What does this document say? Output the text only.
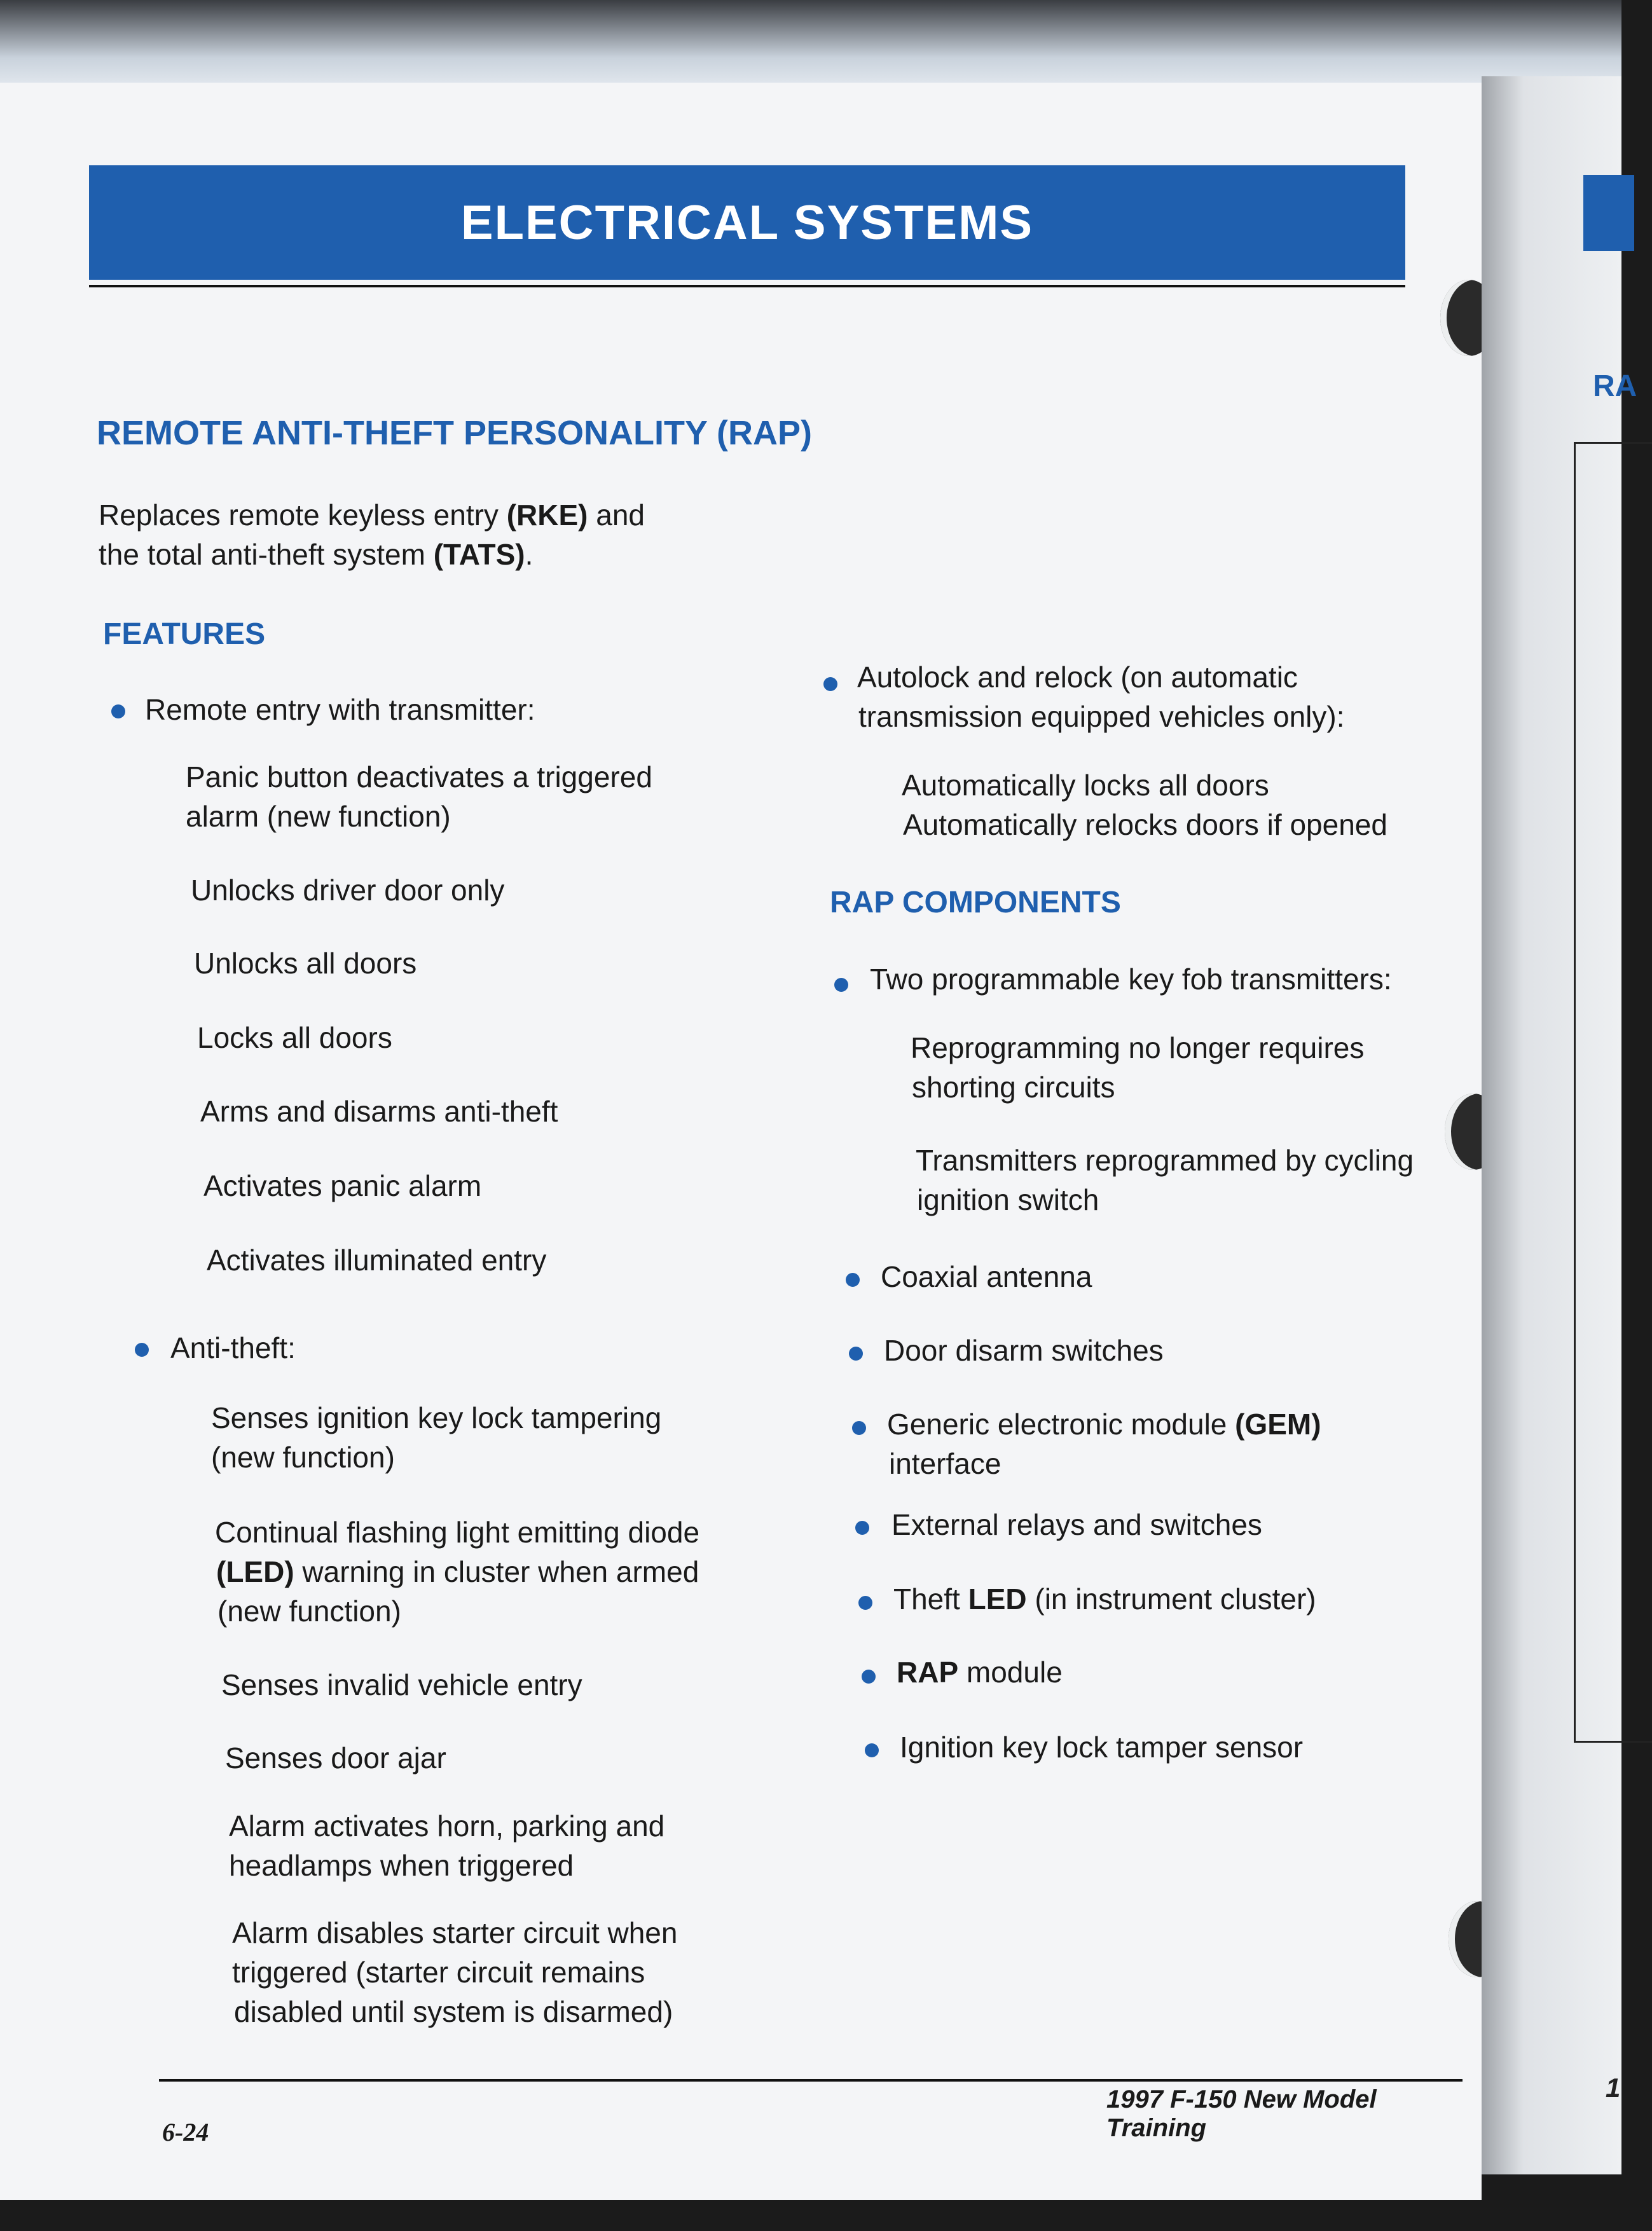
ELECTRICAL SYSTEMS
REMOTE ANTI-THEFT PERSONALITY (RAP)
Replaces remote keyless entry (RKE) and
the total anti-theft system (TATS).
FEATURES
Remote entry with transmitter:
Panic button deactivates a triggered
alarm (new function)
Unlocks driver door only
Unlocks all doors
Locks all doors
Arms and disarms anti-theft
Activates panic alarm
Activates illuminated entry
Anti-theft:
Senses ignition key lock tampering
(new function)
Continual flashing light emitting diode
(LED) warning in cluster when armed
(new function)
Senses invalid vehicle entry
Senses door ajar
Alarm activates horn, parking and
headlamps when triggered
Alarm disables starter circuit when
triggered (starter circuit remains
disabled until system is disarmed)
Autolock and relock (on automatic
transmission equipped vehicles only):
Automatically locks all doors
Automatically relocks doors if opened
RAP COMPONENTS
Two programmable key fob transmitters:
Reprogramming no longer requires
shorting circuits
Transmitters reprogrammed by cycling
ignition switch
Coaxial antenna
Door disarm switches
Generic electronic module (GEM)
interface
External relays and switches
Theft LED (in instrument cluster)
RAP module
Ignition key lock tamper sensor
6-24
1997 F-150 New Model Training
RA
1
